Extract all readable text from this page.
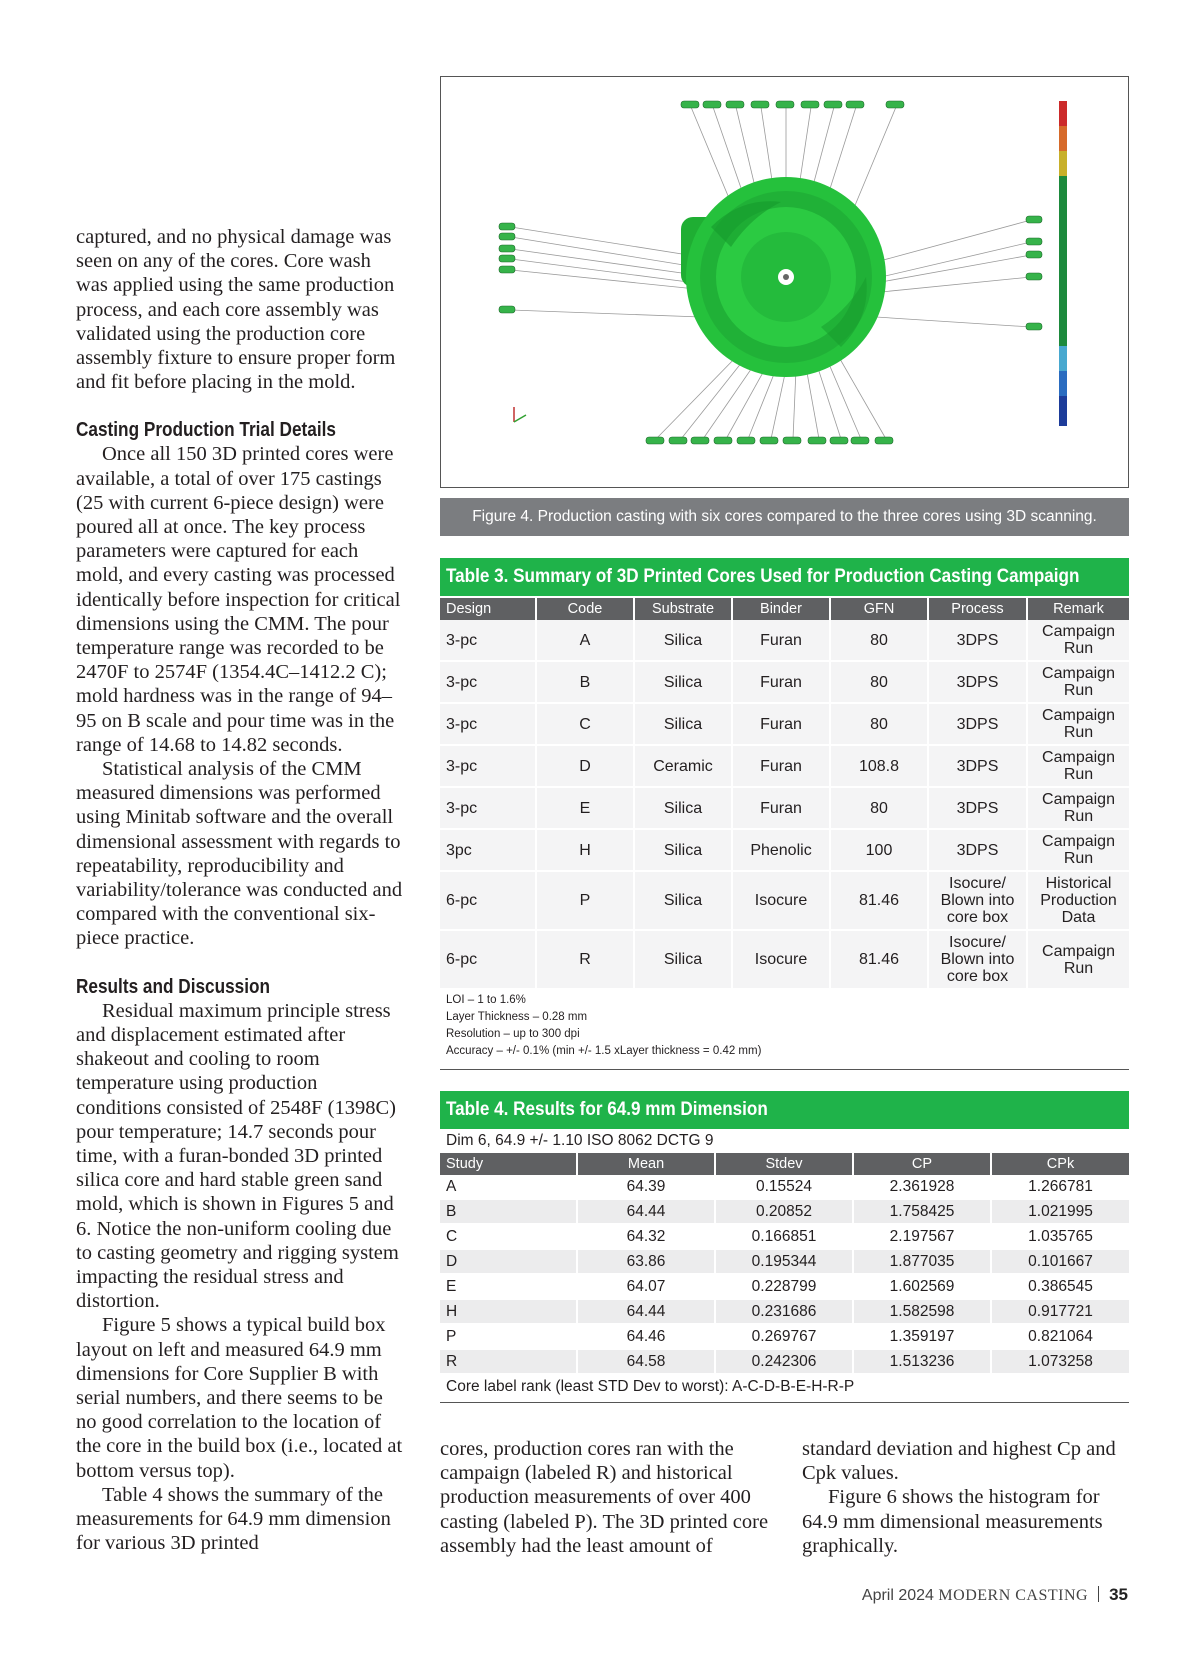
captured, and no physical damage was seen on any of the cores. Core wash was applied using the same production process, and each core assembly was validated using the production core assembly fixture to ensure proper form and fit before placing in the mold.

Casting Production Trial Details

Once all 150 3D printed cores were available, a total of over 175 castings (25 with current 6-piece design) were poured all at once. The key process parameters were captured for each mold, and every casting was processed identically before inspection for critical dimensions using the CMM. The pour temperature range was recorded to be 2470F to 2574F (1354.4C–1412.2 C); mold hardness was in the range of 94–95 on B scale and pour time was in the range of 14.68 to 14.82 seconds.

Statistical analysis of the CMM measured dimensions was performed using Minitab software and the overall dimensional assessment with regards to repeatability, reproducibility and variability/tolerance was conducted and compared with the conventional six-piece practice.

Results and Discussion

Residual maximum principle stress and displacement estimated after shakeout and cooling to room temperature using production conditions consisted of 2548F (1398C) pour temperature; 14.7 seconds pour time, with a furan-bonded 3D printed silica core and hard stable green sand mold, which is shown in Figures 5 and 6. Notice the non-uniform cooling due to casting geometry and rigging system impacting the residual stress and distortion.

Figure 5 shows a typical build box layout on left and measured 64.9 mm dimensions for Core Supplier B with serial numbers, and there seems to be no good correlation to the location of the core in the build box (i.e., located at bottom versus top).

Table 4 shows the summary of the measurements for 64.9 mm dimension for various 3D printed

Figure 4. Production casting with six cores compared to the three cores using 3D scanning.
Table 3. Summary of 3D Printed Cores Used for Production Casting Campaign
Design	Code	Substrate	Binder	GFN	Process	Remark
3-pc	A	Silica	Furan	80	3DPS	Campaign Run
3-pc	B	Silica	Furan	80	3DPS	Campaign Run
3-pc	C	Silica	Furan	80	3DPS	Campaign Run
3-pc	D	Ceramic	Furan	108.8	3DPS	Campaign Run
3-pc	E	Silica	Furan	80	3DPS	Campaign Run
3pc	H	Silica	Phenolic	100	3DPS	Campaign Run
6-pc	P	Silica	Isocure	81.46	Isocure/ Blown into core box	Historical Production Data
6-pc	R	Silica	Isocure	81.46	Isocure/ Blown into core box	Campaign Run
LOI – 1 to 1.6%
Layer Thickness – 0.28 mm
Resolution – up to 300 dpi
Accuracy – +/- 0.1% (min +/- 1.5 xLayer thickness = 0.42 mm)
Table 4. Results for 64.9 mm Dimension
Dim 6, 64.9 +/- 1.10 ISO 8062 DCTG 9
Study	Mean	Stdev	CP	CPk
A	64.39	0.15524	2.361928	1.266781
B	64.44	0.20852	1.758425	1.021995
C	64.32	0.166851	2.197567	1.035765
D	63.86	0.195344	1.877035	0.101667
E	64.07	0.228799	1.602569	0.386545
H	64.44	0.231686	1.582598	0.917721
P	64.46	0.269767	1.359197	0.821064
R	64.58	0.242306	1.513236	1.073258
Core label rank (least STD Dev to worst): A-C-D-B-E-H-R-P

cores, production cores ran with the campaign (labeled R) and historical production measurements of over 400 casting (labeled P). The 3D printed core assembly had the least amount of

standard deviation and highest Cp and Cpk values.

Figure 6 shows the histogram for 64.9 mm dimensional measurements graphically.

April 2024 MODERN CASTING 35
